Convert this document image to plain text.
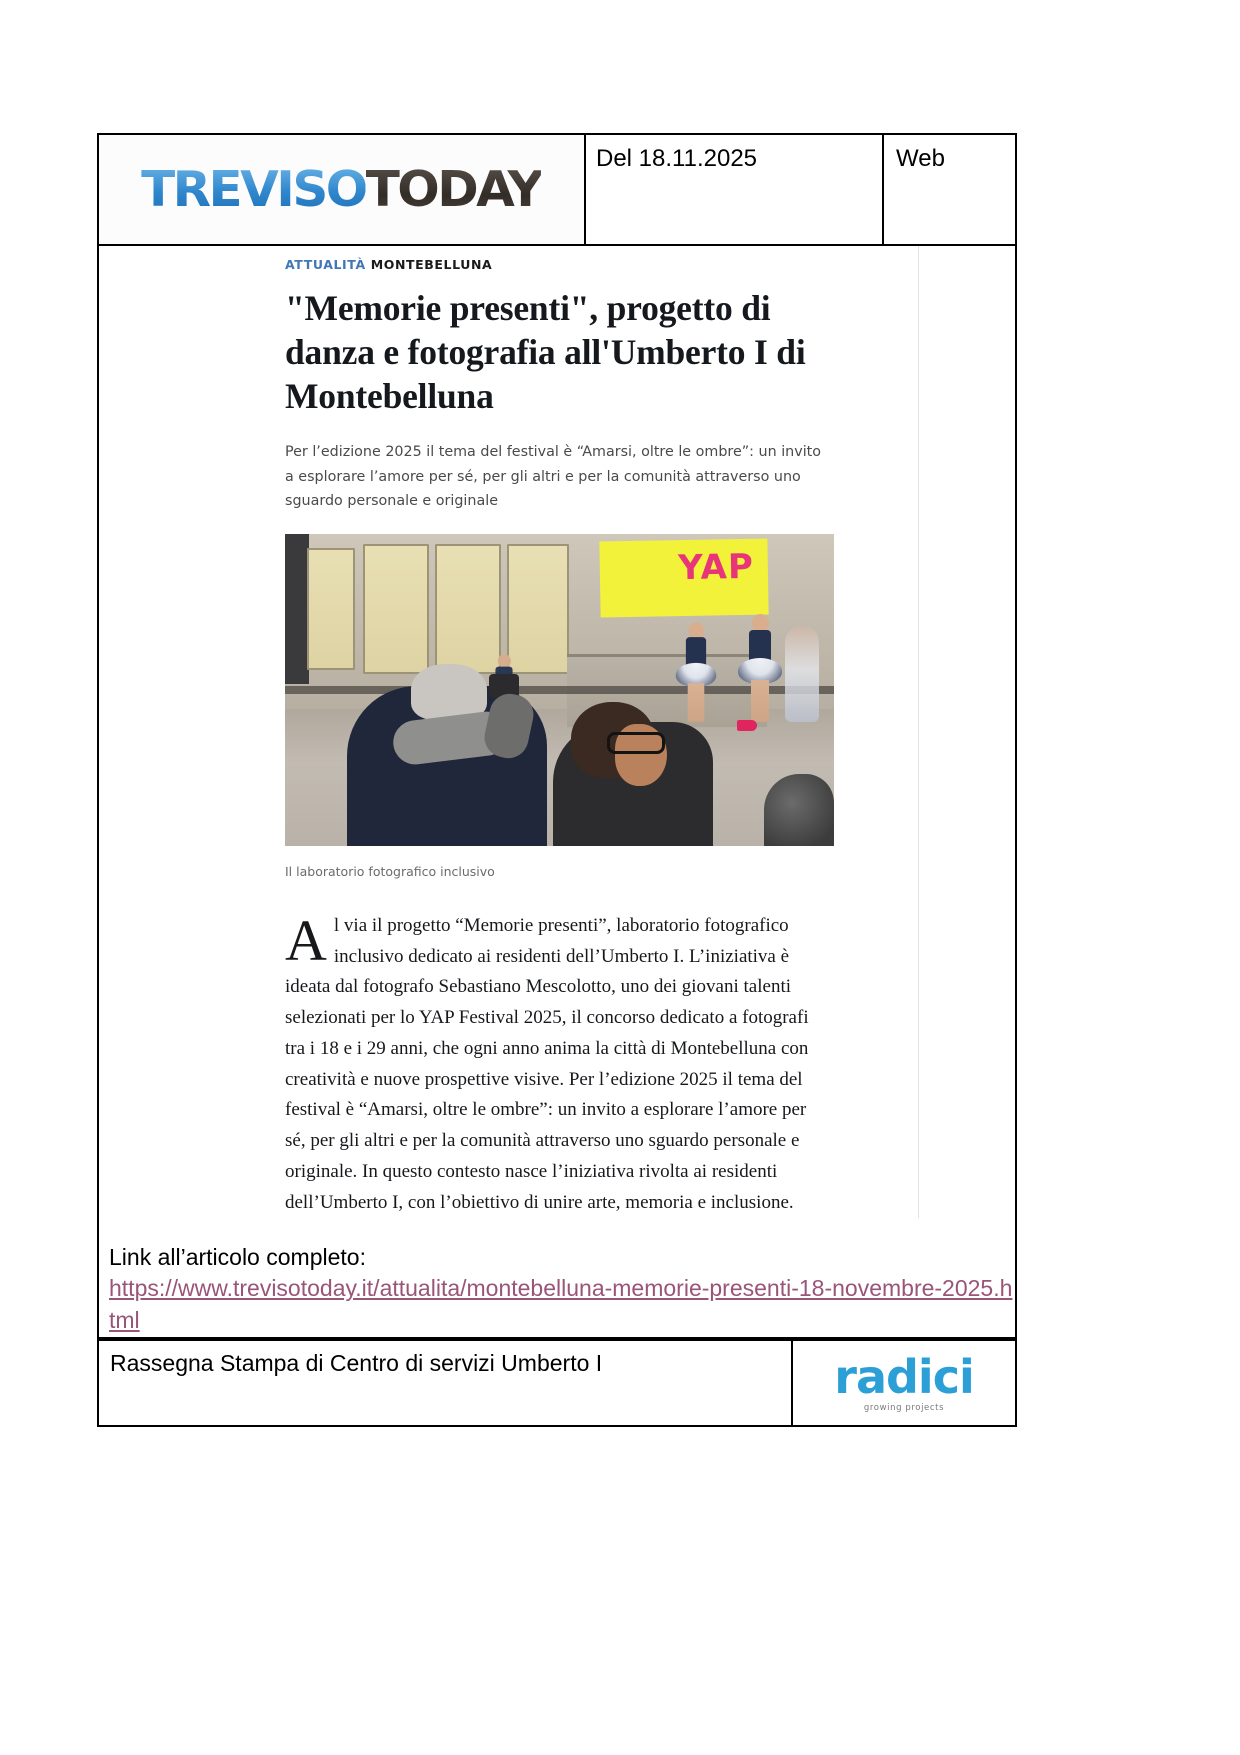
TREVISOTODAY
Del 18.11.2025	Web
ATTUALITÀ MONTEBELLUNA
"Memorie presenti", progetto di danza e fotografia all'Umberto I di Montebelluna

Per l’edizione 2025 il tema del festival è “Amarsi, oltre le ombre”: un invito a esplorare l’amore per sé, per gli altri e per la comunità attraverso uno sguardo personale e originale

YAP

Il laboratorio fotografico inclusivo

Al via il progetto “Memorie presenti”, laboratorio fotografico inclusivo dedicato ai residenti dell’Umberto I. L’iniziativa è ideata dal fotografo Sebastiano Mescolotto, uno dei giovani talenti selezionati per lo YAP Festival 2025, il concorso dedicato a fotografi tra i 18 e i 29 anni, che ogni anno anima la città di Montebelluna con creatività e nuove prospettive visive. Per l’edizione 2025 il tema del festival è “Amarsi, oltre le ombre”: un invito a esplorare l’amore per sé, per gli altri e per la comunità attraverso uno sguardo personale e originale. In questo contesto nasce l’iniziativa rivolta ai residenti dell’Umberto I, con l’obiettivo di unire arte, memoria e inclusione.

Link all’articolo completo:
https://www.trevisotoday.it/attualita/montebelluna-memorie-presenti-18-novembre-2025.html
Rassegna Stampa di Centro di servizi Umberto I	radici
growing projects
